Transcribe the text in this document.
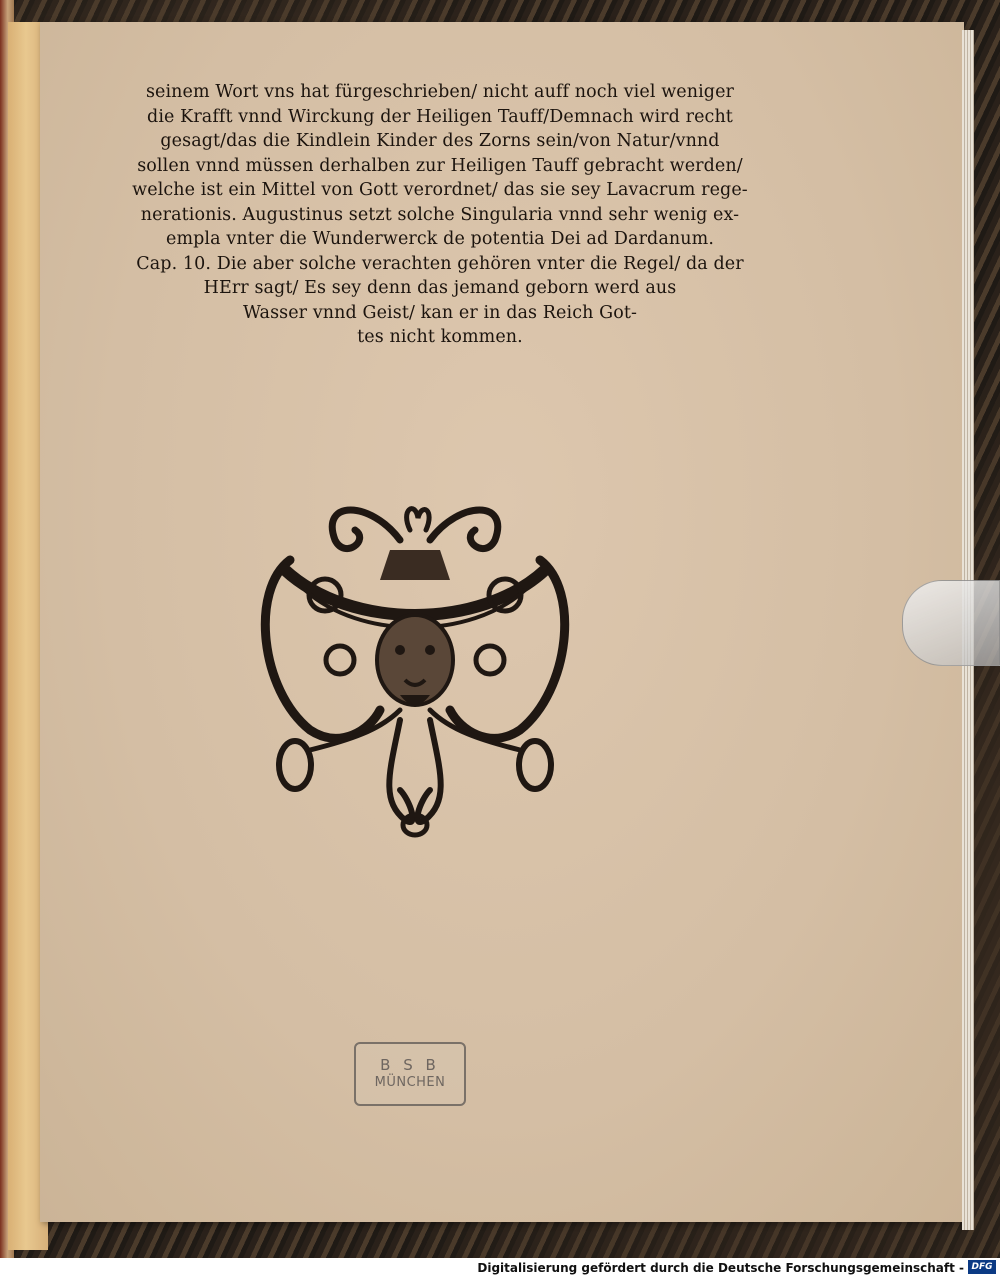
seinem Wort vns hat fürgeschrieben/ nicht auff noch viel weniger
die Krafft vnnd Wirckung der Heiligen Tauff/Demnach wird recht
gesagt/das die Kindlein Kinder des Zorns sein/von Natur/vnnd
sollen vnnd müssen derhalben zur Heiligen Tauff gebracht werden/
welche ist ein Mittel von Gott verordnet/ das sie sey Lavacrum rege-
nerationis. Augustinus setzt solche Singularia vnnd sehr wenig ex-
empla vnter die Wunderwerck de potentia Dei ad Dardanum.
Cap. 10. Die aber solche verachten gehören vnter die Regel/ da der
HErr sagt/ Es sey denn das jemand geborn werd aus
Wasser vnnd Geist/ kan er in das Reich Got-
tes nicht kommen.
B S B
MÜNCHEN
Digitalisierung gefördert durch die Deutsche Forschungsgemeinschaft - DFG
